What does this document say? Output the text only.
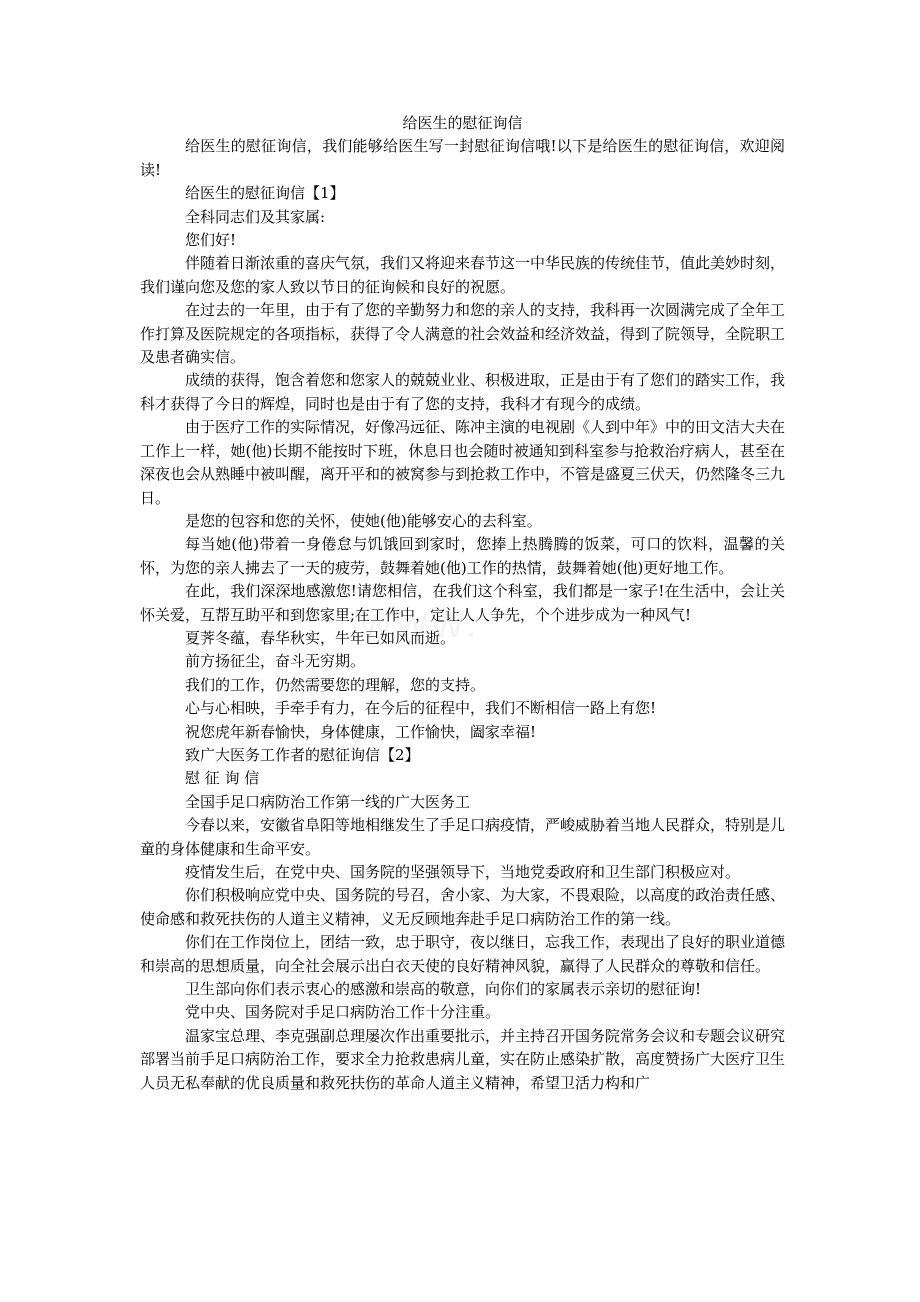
给医生的慰征询信

给医生的慰征询信，我们能够给医生写一封慰征询信哦!以下是给医生的慰征询信，欢迎阅读!

给医生的慰征询信【1】

全科同志们及其家属:

您们好!

伴随着日渐浓重的喜庆气氛，我们又将迎来春节这一中华民族的传统佳节，值此美妙时刻，我们谨向您及您的家人致以节日的征询候和良好的祝愿。

在过去的一年里，由于有了您的辛勤努力和您的亲人的支持，我科再一次圆满完成了全年工作打算及医院规定的各项指标，获得了令人满意的社会效益和经济效益，得到了院领导，全院职工及患者确实信。

成绩的获得，饱含着您和您家人的兢兢业业、积极进取，正是由于有了您们的踏实工作，我科才获得了今日的辉煌，同时也是由于有了您的支持，我科才有现今的成绩。

由于医疗工作的实际情况，好像冯远征、陈冲主演的电视剧《人到中年》中的田文洁大夫在工作上一样，她(他)长期不能按时下班，休息日也会随时被通知到科室参与抢救治疗病人，甚至在深夜也会从熟睡中被叫醒，离开平和的被窝参与到抢救工作中，不管是盛夏三伏天，仍然隆冬三九日。

是您的包容和您的关怀，使她(他)能够安心的去科室。

每当她(他)带着一身倦怠与饥饿回到家时，您捧上热腾腾的饭菜，可口的饮料，温馨的关怀，为您的亲人拂去了一天的疲劳，鼓舞着她(他)工作的热情，鼓舞着她(他)更好地工作。

在此，我们深深地感激您!请您相信，在我们这个科室，我们都是一家子!在生活中，会让关怀关爱，互帮互助平和到您家里;在工作中，定让人人争先，个个进步成为一种风气!

夏荠冬蕴，春华秋实，牛年已如风而逝。

前方扬征尘，奋斗无穷期。

我们的工作，仍然需要您的理解，您的支持。

心与心相映，手牵手有力，在今后的征程中，我们不断相信一路上有您!

祝您虎年新春愉快，身体健康，工作愉快，阖家幸福!

致广大医务工作者的慰征询信【2】

慰 征 询 信

全国手足口病防治工作第一线的广大医务工

今春以来，安徽省阜阳等地相继发生了手足口病疫情，严峻威胁着当地人民群众，特别是儿童的身体健康和生命平安。

疫情发生后，在党中央、国务院的坚强领导下，当地党委政府和卫生部门积极应对。

你们积极响应党中央、国务院的号召，舍小家、为大家，不畏艰险，以高度的政治责任感、使命感和救死扶伤的人道主义精神，义无反顾地奔赴手足口病防治工作的第一线。

你们在工作岗位上，团结一致，忠于职守，夜以继日，忘我工作，表现出了良好的职业道德和崇高的思想质量，向全社会展示出白衣天使的良好精神风貌，赢得了人民群众的尊敬和信任。

卫生部向你们表示衷心的感激和崇高的敬意，向你们的家属表示亲切的慰征询!

党中央、国务院对手足口病防治工作十分注重。

温家宝总理、李克强副总理屡次作出重要批示，并主持召开国务院常务会议和专题会议研究部署当前手足口病防治工作，要求全力抢救患病儿童，实在防止感染扩散，高度赞扬广大医疗卫生人员无私奉献的优良质量和救死扶伤的革命人道主义精神，希望卫活力构和广
